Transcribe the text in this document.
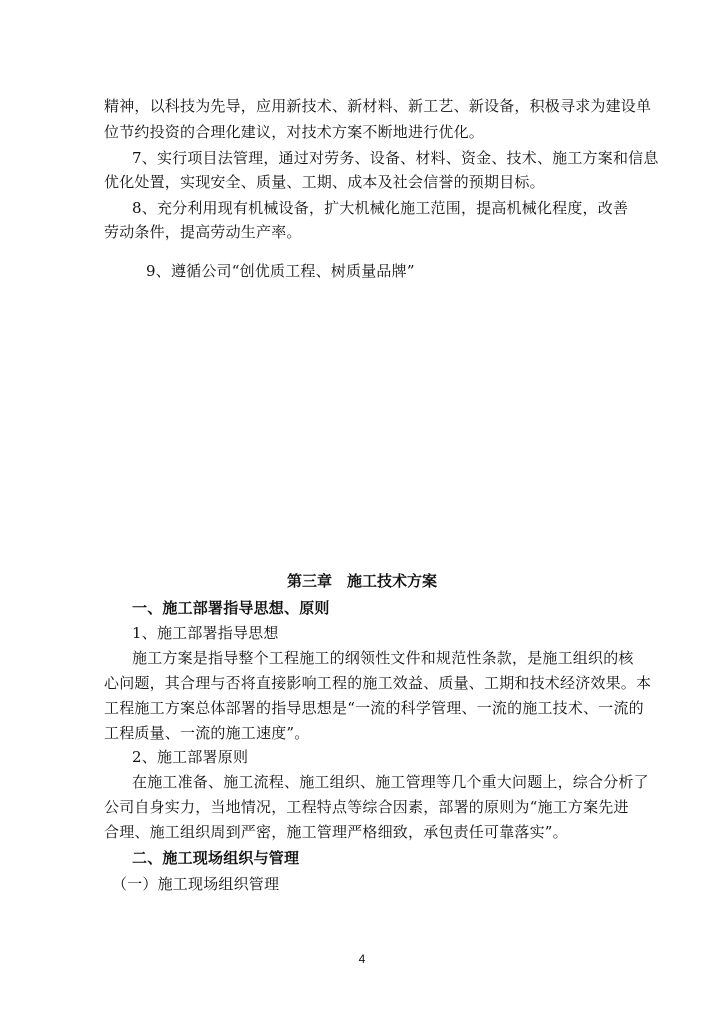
精神，以科技为先导，应用新技术、新材料、新工艺、新设备，积极寻求为建设单
位节约投资的合理化建议，对技术方案不断地进行优化。
7、实行项目法管理，通过对劳务、设备、材料、资金、技术、施工方案和信息
优化处置，实现安全、质量、工期、成本及社会信誉的预期目标。
8、充分利用现有机械设备，扩大机械化施工范围，提高机械化程度，改善
劳动条件，提高劳动生产率。
9、遵循公司“创优质工程、树质量品牌”
第三章　施工技术方案
一、施工部署指导思想、原则
1、施工部署指导思想
施工方案是指导整个工程施工的纲领性文件和规范性条款，是施工组织的核
心问题，其合理与否将直接影响工程的施工效益、质量、工期和技术经济效果。本
工程施工方案总体部署的指导思想是“一流的科学管理、一流的施工技术、一流的
工程质量、一流的施工速度”。
2、施工部署原则
在施工准备、施工流程、施工组织、施工管理等几个重大问题上，综合分析了
公司自身实力，当地情况，工程特点等综合因素，部署的原则为“施工方案先进
合理、施工组织周到严密，施工管理严格细致，承包责任可靠落实”。
二、施工现场组织与管理
（一）施工现场组织管理
4
